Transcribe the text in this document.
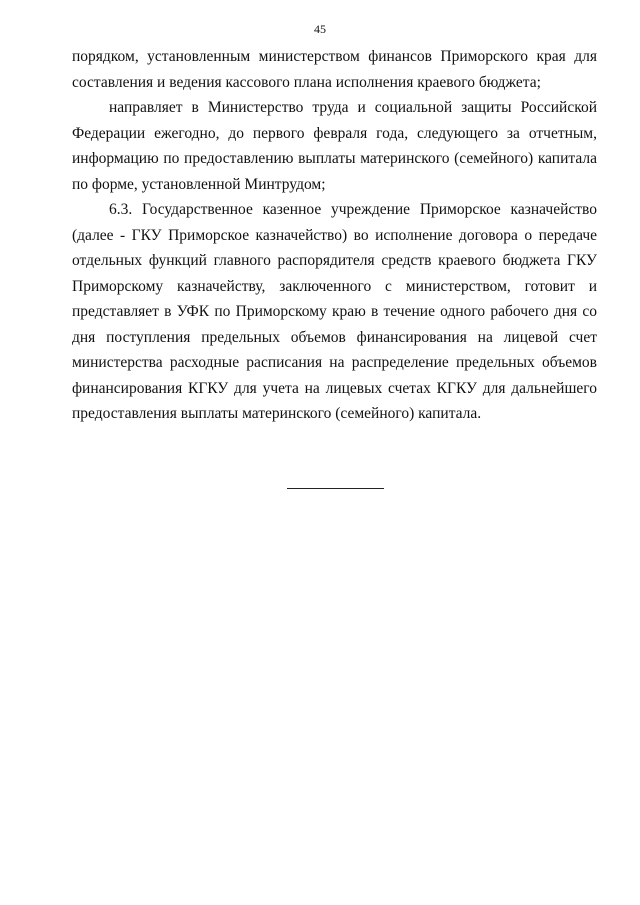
45
порядком, установленным министерством финансов Приморского края для
составления и ведения кассового плана исполнения краевого бюджета;
направляет в Министерство труда и социальной защиты Российской
Федерации ежегодно, до первого февраля года, следующего за отчетным,
информацию по предоставлению выплаты материнского (семейного) капитала
по форме, установленной Минтрудом;
6.3. Государственное казенное учреждение Приморское казначейство
(далее - ГКУ Приморское казначейство) во исполнение договора о передаче
отдельных функций главного распорядителя средств краевого бюджета ГКУ
Приморскому казначейству, заключенного с министерством, готовит и
представляет в УФК по Приморскому краю в течение одного рабочего дня со
дня поступления предельных объемов финансирования на лицевой счет
министерства расходные расписания на распределение предельных объемов
финансирования КГКУ для учета на лицевых счетах КГКУ для дальнейшего
предоставления выплаты материнского (семейного) капитала.
